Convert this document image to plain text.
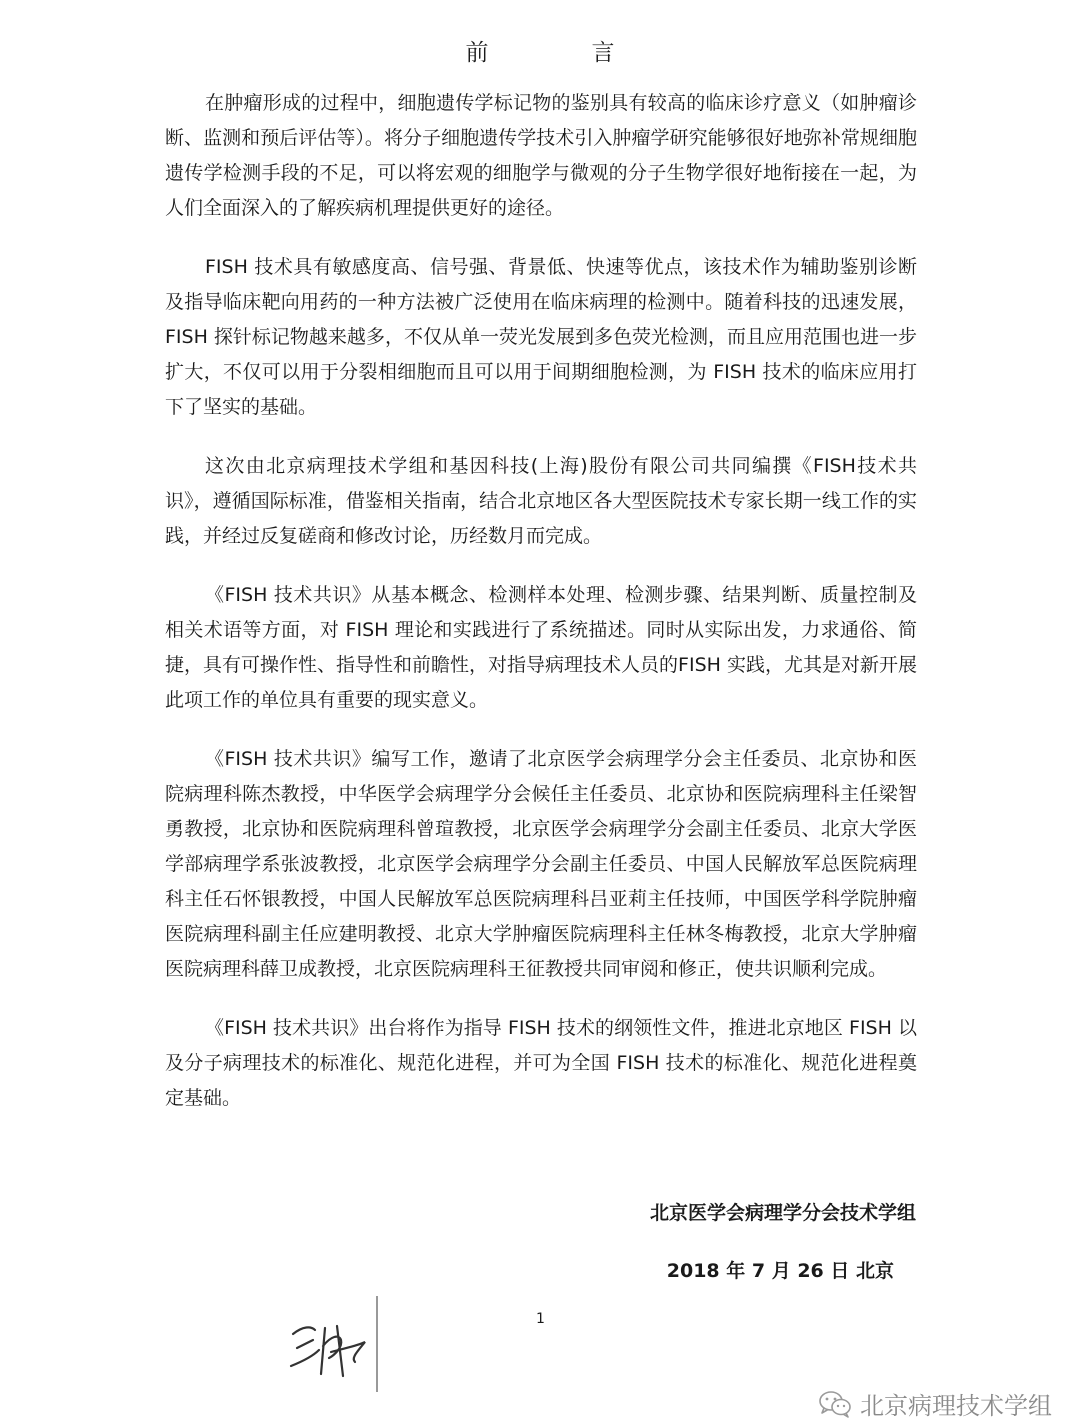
前　言

在肿瘤形成的过程中，细胞遗传学标记物的鉴别具有较高的临床诊疗意义（如肿瘤诊断、监测和预后评估等）。将分子细胞遗传学技术引入肿瘤学研究能够很好地弥补常规细胞遗传学检测手段的不足，可以将宏观的细胞学与微观的分子生物学很好地衔接在一起，为人们全面深入的了解疾病机理提供更好的途径。

FISH 技术具有敏感度高、信号强、背景低、快速等优点，该技术作为辅助鉴别诊断及指导临床靶向用药的一种方法被广泛使用在临床病理的检测中。随着科技的迅速发展，FISH 探针标记物越来越多，不仅从单一荧光发展到多色荧光检测，而且应用范围也进一步扩大，不仅可以用于分裂相细胞而且可以用于间期细胞检测，为 FISH 技术的临床应用打下了坚实的基础。

这次由北京病理技术学组和基因科技(上海)股份有限公司共同编撰《FISH技术共识》，遵循国际标准，借鉴相关指南，结合北京地区各大型医院技术专家长期一线工作的实践，并经过反复磋商和修改讨论，历经数月而完成。

《FISH 技术共识》从基本概念、检测样本处理、检测步骤、结果判断、质量控制及相关术语等方面，对 FISH 理论和实践进行了系统描述。同时从实际出发，力求通俗、简捷，具有可操作性、指导性和前瞻性，对指导病理技术人员的FISH 实践，尤其是对新开展此项工作的单位具有重要的现实意义。

《FISH 技术共识》编写工作，邀请了北京医学会病理学分会主任委员、北京协和医院病理科陈杰教授，中华医学会病理学分会候任主任委员、北京协和医院病理科主任梁智勇教授，北京协和医院病理科曾瑄教授，北京医学会病理学分会副主任委员、北京大学医学部病理学系张波教授，北京医学会病理学分会副主任委员、中国人民解放军总医院病理科主任石怀银教授，中国人民解放军总医院病理科吕亚莉主任技师，中国医学科学院肿瘤医院病理科副主任应建明教授、北京大学肿瘤医院病理科主任林冬梅教授，北京大学肿瘤医院病理科薛卫成教授，北京医院病理科王征教授共同审阅和修正，使共识顺利完成。

《FISH 技术共识》出台将作为指导 FISH 技术的纲领性文件，推进北京地区 FISH 以及分子病理技术的标准化、规范化进程，并可为全国 FISH 技术的标准化、规范化进程奠定基础。

北京医学会病理学分会技术学组
2018 年 7 月 26 日 北京
1
北京病理技术学组
